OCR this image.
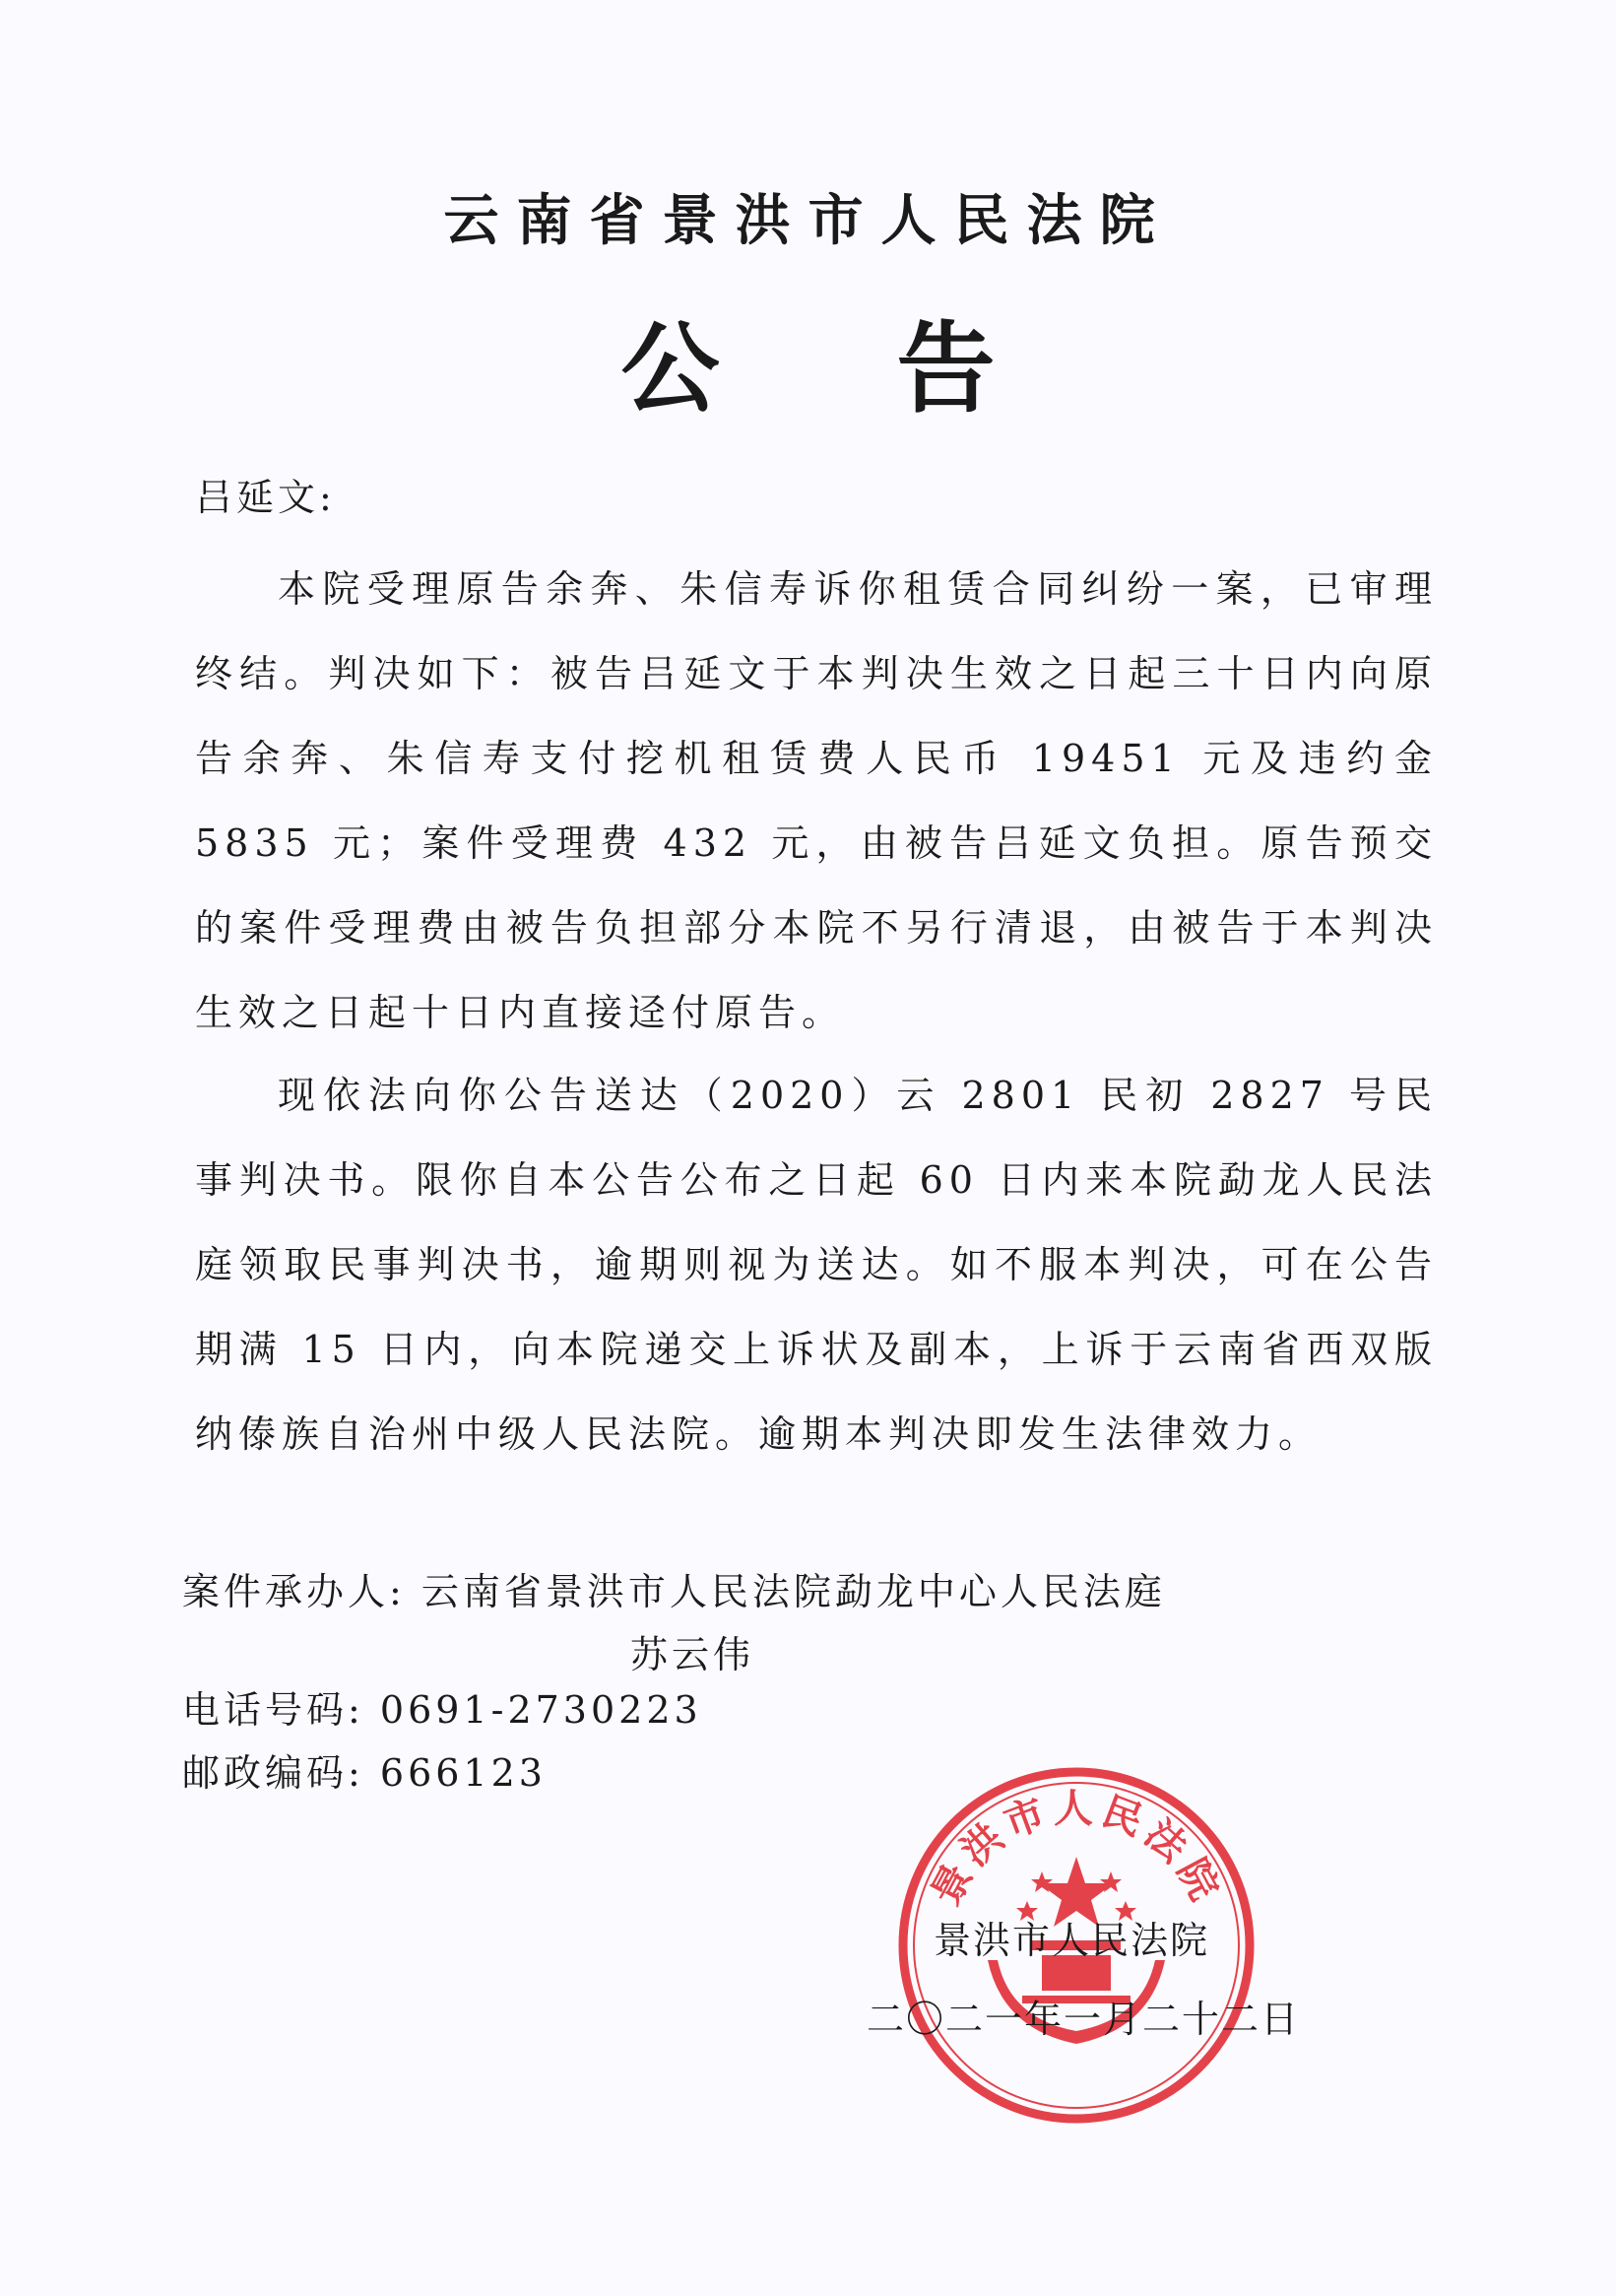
云南省景洪市人民法院
公告
吕延文:
本院受理原告余奔、朱信寿诉你租赁合同纠纷一案，已审理终结。判决如下：被告吕延文于本判决生效之日起三十日内向原告余奔、朱信寿支付挖机租赁费人民币 19451 元及违约金 5835 元；案件受理费 432 元，由被告吕延文负担。原告预交的案件受理费由被告负担部分本院不另行清退，由被告于本判决生效之日起十日内直接迳付原告。
现依法向你公告送达（2020）云 2801 民初 2827 号民事判决书。限你自本公告公布之日起 60 日内来本院勐龙人民法庭领取民事判决书，逾期则视为送达。如不服本判决，可在公告期满 15 日内，向本院递交上诉状及副本，上诉于云南省西双版纳傣族自治州中级人民法院。逾期本判决即发生法律效力。
案件承办人: 云南省景洪市人民法院勐龙中心人民法庭
苏云伟
电话号码: 0691-2730223
邮政编码: 666123
景洪市人民法院
景洪市人民法院
二〇二一年一月二十二日
